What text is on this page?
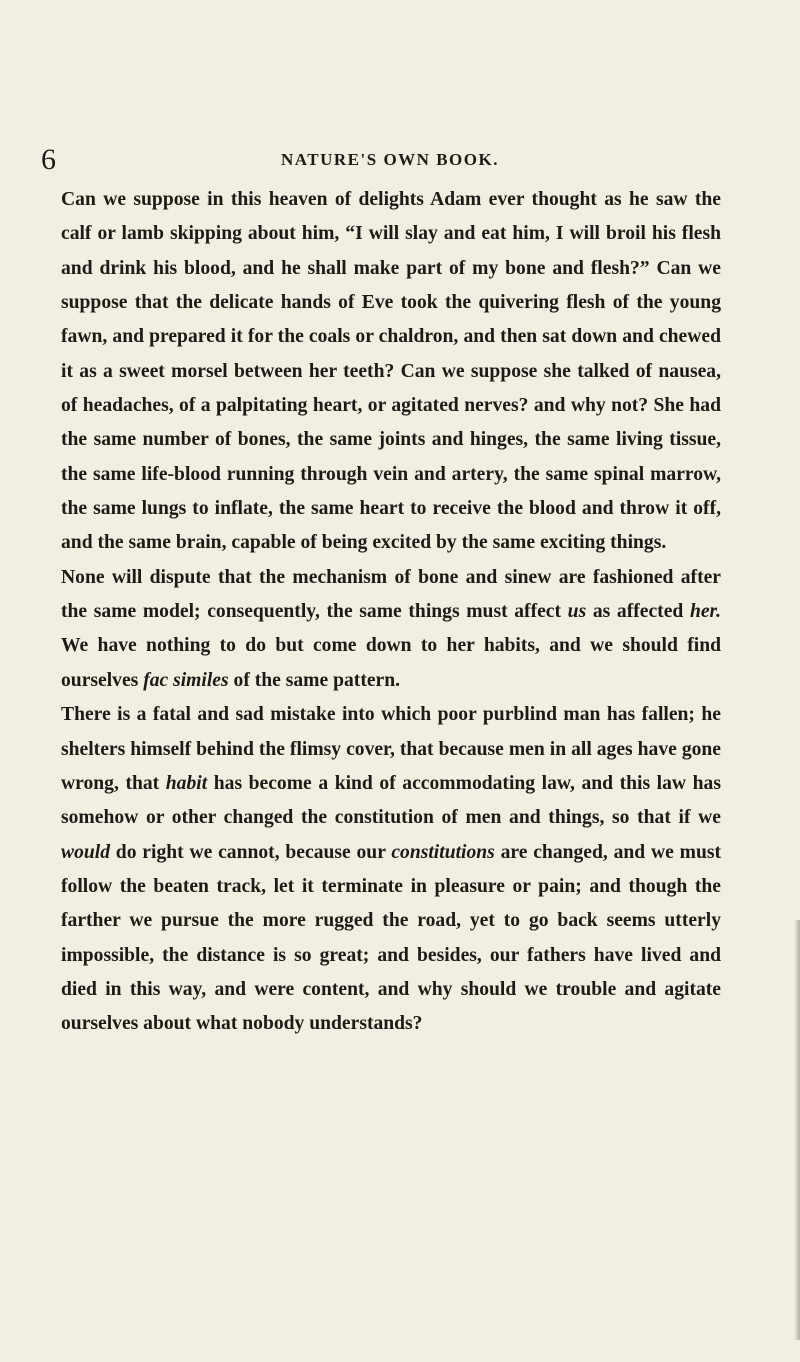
6	NATURE'S OWN BOOK.

Can we suppose in this heaven of delights Adam ever thought as he saw the calf or lamb skipping about him, “I will slay and eat him, I will broil his flesh and drink his blood, and he shall make part of my bone and flesh?” Can we suppose that the delicate hands of Eve took the quivering flesh of the young fawn, and prepared it for the coals or chaldron, and then sat down and chewed it as a sweet morsel between her teeth? Can we suppose she talked of nausea, of headaches, of a palpitating heart, or agitated nerves? and why not? She had the same number of bones, the same joints and hinges, the same living tissue, the same life-blood running through vein and artery, the same spinal marrow, the same lungs to inflate, the same heart to receive the blood and throw it off, and the same brain, capable of being excited by the same exciting things.

None will dispute that the mechanism of bone and sinew are fashioned after the same model; consequently, the same things must affect us as affected her. We have nothing to do but come down to her habits, and we should find ourselves fac similes of the same pattern.

There is a fatal and sad mistake into which poor purblind man has fallen; he shelters himself behind the flimsy cover, that because men in all ages have gone wrong, that habit has become a kind of accommodating law, and this law has somehow or other changed the constitution of men and things, so that if we would do right we cannot, because our constitutions are changed, and we must follow the beaten track, let it terminate in pleasure or pain; and though the farther we pursue the more rugged the road, yet to go back seems utterly impossible, the distance is so great; and besides, our fathers have lived and died in this way, and were content, and why should we trouble and agitate ourselves about what nobody understands?
